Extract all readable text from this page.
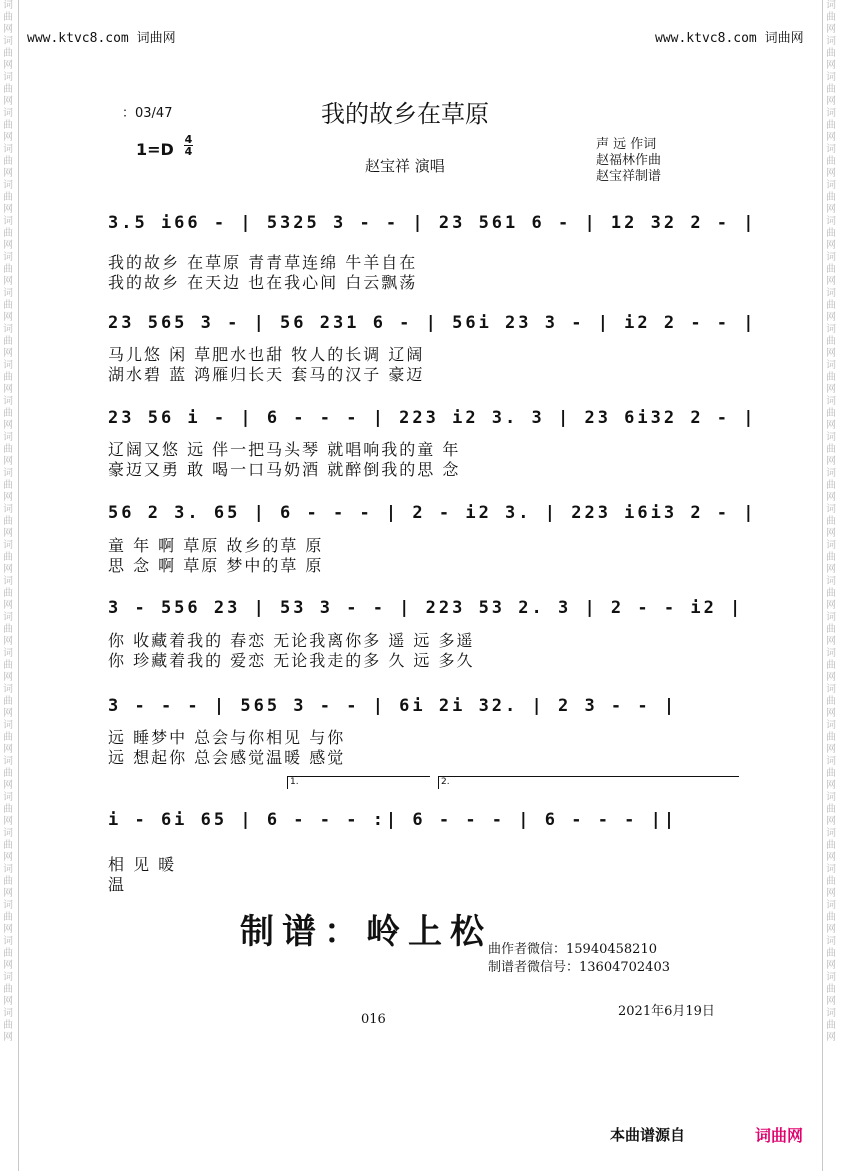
词曲网词曲网词曲网词曲网词曲网词曲网词曲网词曲网词曲网词曲网词曲网词曲网词曲网词曲网词曲网词曲网词曲网词曲网词曲网词曲网词曲网词曲网词曲网词曲网词曲网词曲网词曲网词曲网词曲网
词曲网词曲网词曲网词曲网词曲网词曲网词曲网词曲网词曲网词曲网词曲网词曲网词曲网词曲网词曲网词曲网词曲网词曲网词曲网词曲网词曲网词曲网词曲网词曲网词曲网词曲网词曲网词曲网词曲网
www.ktvc8.com 词曲网	www.ktvc8.com 词曲网
：03/47	我的故乡在草原
1=D
4
4
赵宝祥 演唱
声 远 作词
赵福林作曲
赵宝祥制谱
3.5 i66 - | 5325 3 - - | 23 561 6 - | 12 32 2 - |
我的故乡 在草原 青青草连绵 牛羊自在
我的故乡 在天边 也在我心间 白云飘荡
23 565 3 - | 56 231 6 - | 56i 23 3 - | i2 2 - - |
马儿悠 闲 草肥水也甜 牧人的长调 辽阔
湖水碧 蓝 鸿雁归长天 套马的汉子 豪迈
23 56 i - | 6 - - - | 223 i2 3. 3 | 23 6i32 2 - |
辽阔又悠 远 伴一把马头琴 就唱响我的童 年
豪迈又勇 敢 喝一口马奶酒 就醉倒我的思 念
56 2 3. 65 | 6 - - - | 2 - i2 3. | 223 i6i3 2 - |
童 年 啊 草原 故乡的草 原
思 念 啊 草原 梦中的草 原
3 - 556 23 | 53 3 - - | 223 53 2. 3 | 2 - - i2 |
你 收藏着我的 春恋 无论我离你多 遥 远 多遥
你 珍藏着我的 爱恋 无论我走的多 久 远 多久
3 - - - | 565 3 - - | 6i 2i 32. | 2 3 - - |
远 睡梦中 总会与你相见 与你
远 想起你 总会感觉温暖 感觉
1.	2.
i - 6i 65 | 6 - - - :| 6 - - - | 6 - - - ||
相 见 暖
温
制谱：岭上松
曲作者微信：15940458210
制谱者微信号：13604702403
2021年6月19日
016
本曲谱源自	词曲网
